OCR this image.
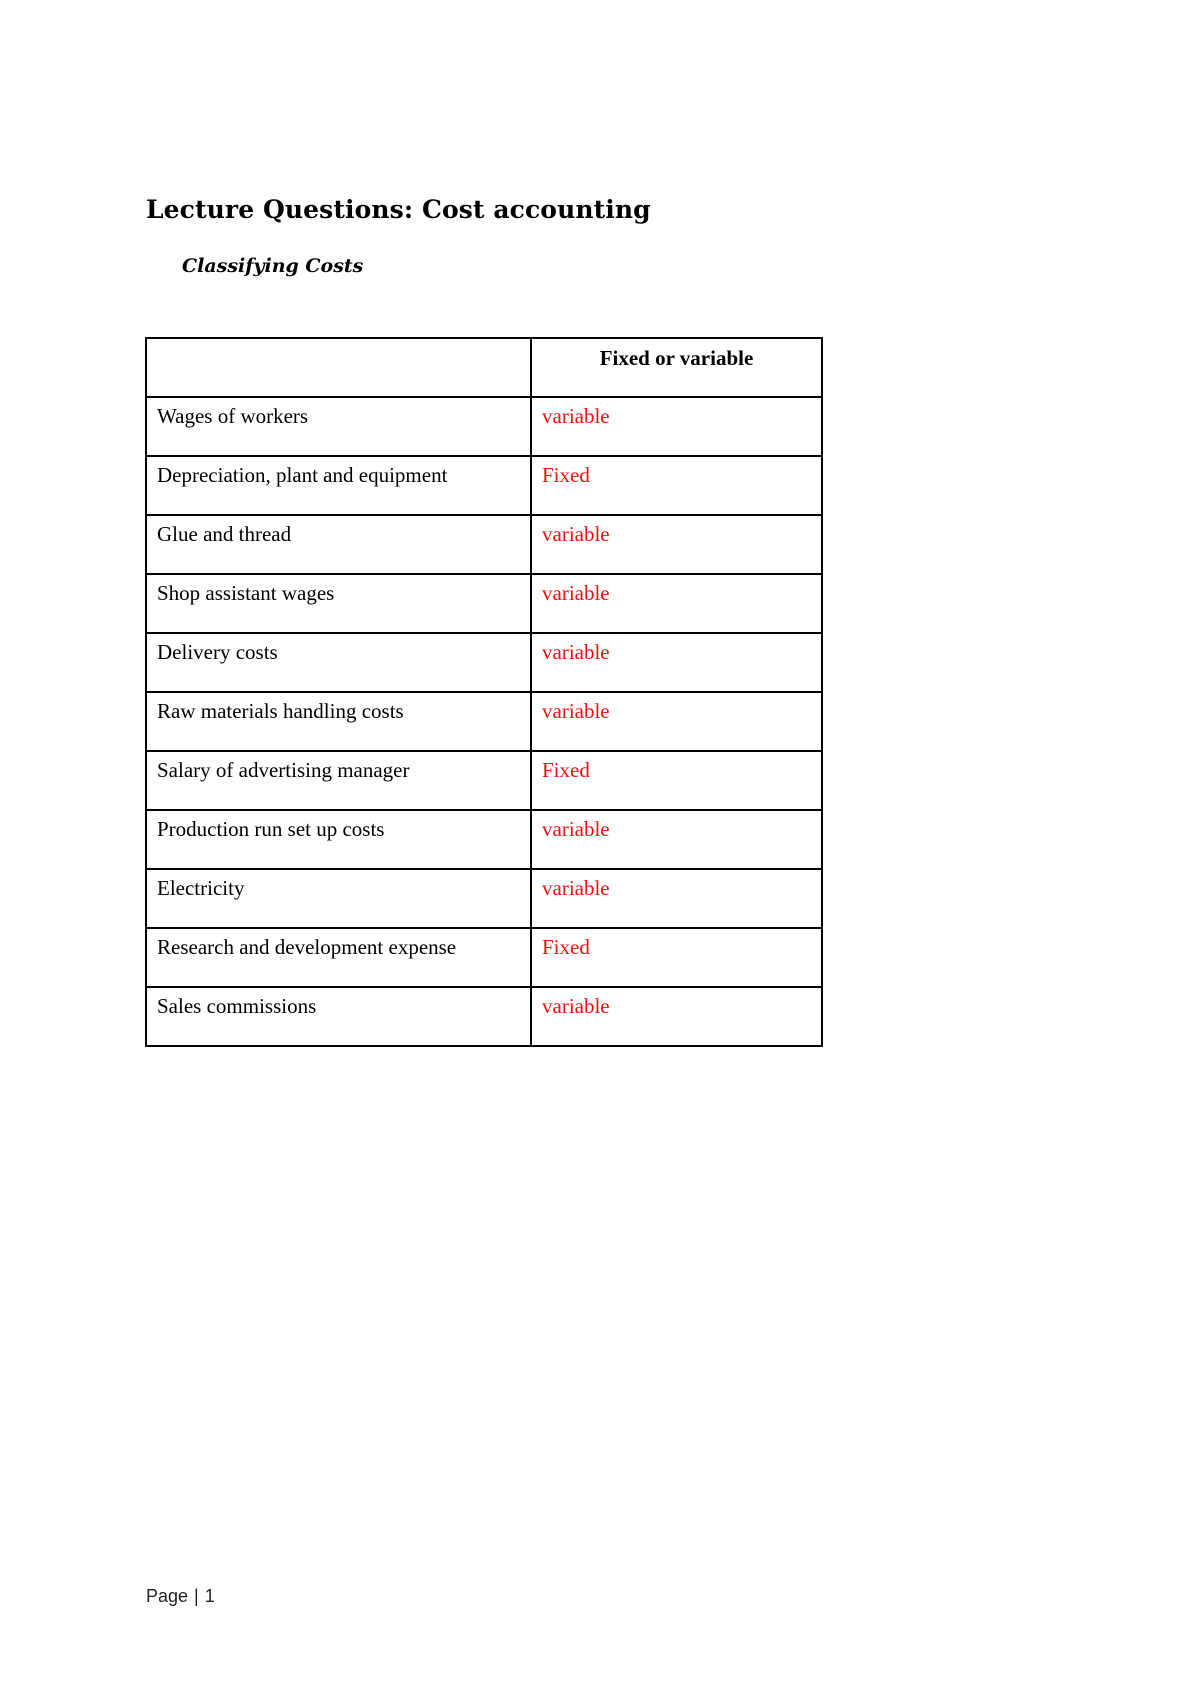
Lecture Questions: Cost accounting
Classifying Costs
	Fixed or variable
Wages of workers	variable
Depreciation, plant and equipment	Fixed
Glue and thread	variable
Shop assistant wages	variable
Delivery costs	variable
Raw materials handling costs	variable
Salary of advertising manager	Fixed
Production run set up costs	variable
Electricity	variable
Research and development expense	Fixed
Sales commissions	variable
Page | 1
